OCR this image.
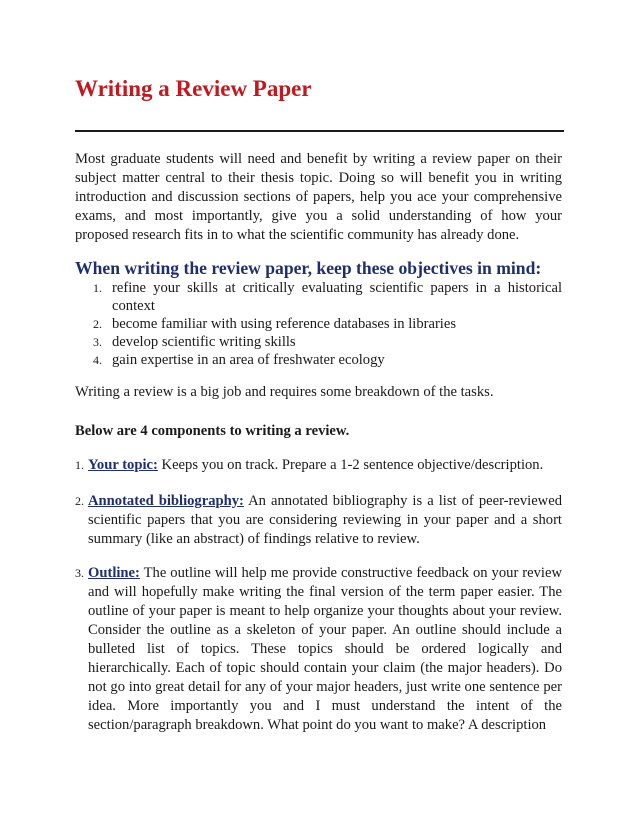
Writing a Review Paper

Most graduate students will need and benefit by writing a review paper on their subject matter central to their thesis topic. Doing so will benefit you in writing introduction and discussion sections of papers, help you ace your comprehensive exams, and most importantly, give you a solid understanding of how your proposed research fits in to what the scientific community has already done.

When writing the review paper, keep these objectives in mind:
1. refine your skills at critically evaluating scientific papers in a historical context
2. become familiar with using reference databases in libraries
3. develop scientific writing skills
4. gain expertise in an area of freshwater ecology

Writing a review is a big job and requires some breakdown of the tasks.

Below are 4 components to writing a review.

1. Your topic: Keeps you on track. Prepare a 1-2 sentence objective/description.
2. Annotated bibliography: An annotated bibliography is a list of peer-reviewed scientific papers that you are considering reviewing in your paper and a short summary (like an abstract) of findings relative to review.
3. Outline: The outline will help me provide constructive feedback on your review and will hopefully make writing the final version of the term paper easier. The outline of your paper is meant to help organize your thoughts about your review. Consider the outline as a skeleton of your paper. An outline should include a bulleted list of topics. These topics should be ordered logically and hierarchically. Each of topic should contain your claim (the major headers). Do not go into great detail for any of your major headers, just write one sentence per idea. More importantly you and I must understand the intent of the section/paragraph breakdown. What point do you want to make? A description
